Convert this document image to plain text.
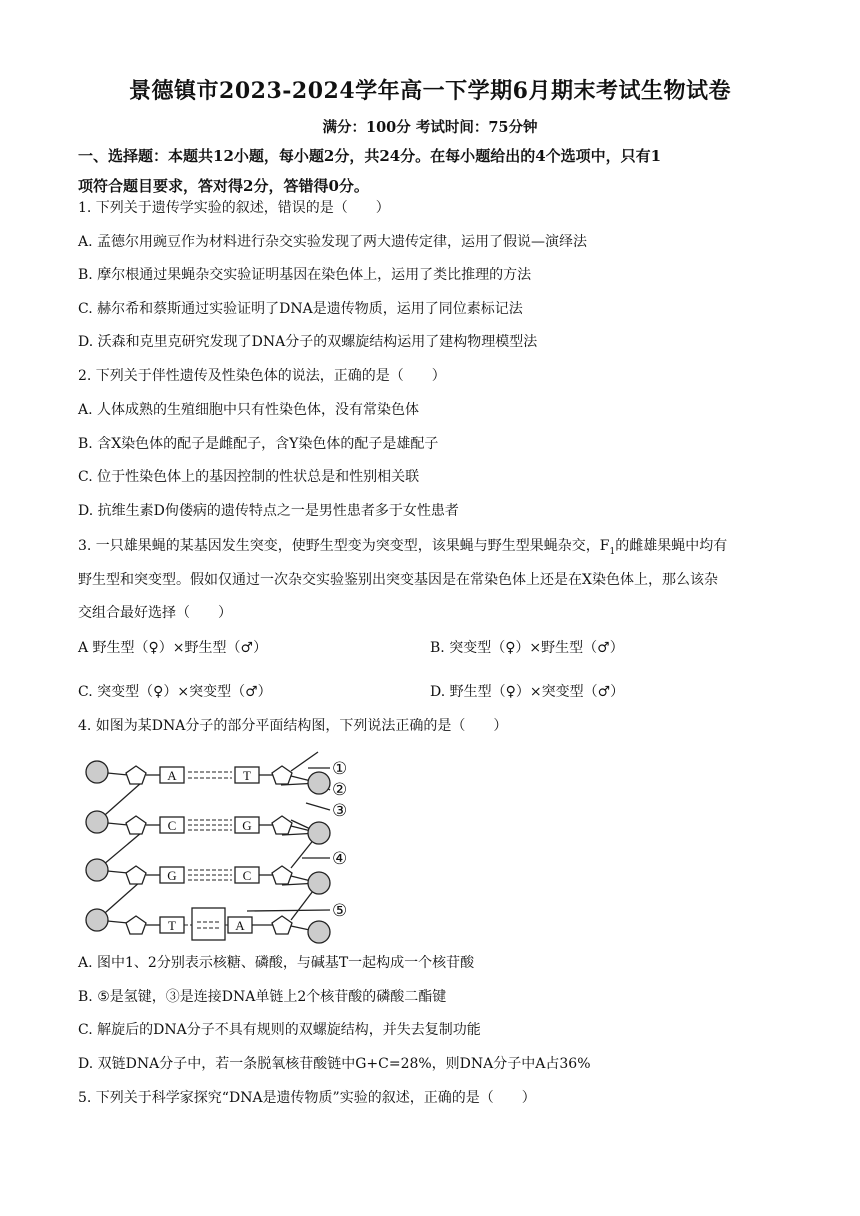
景德镇市2023-2024学年高一下学期6月期末考试生物试卷
满分：100分 考试时间：75分钟
一、选择题：本题共12小题，每小题2分，共24分。在每小题给出的4个选项中，只有1
项符合题目要求，答对得2分，答错得0分。
1. 下列关于遗传学实验的叙述，错误的是（　　）
A. 孟德尔用豌豆作为材料进行杂交实验发现了两大遗传定律，运用了假说—演绎法
B. 摩尔根通过果蝇杂交实验证明基因在染色体上，运用了类比推理的方法
C. 赫尔希和蔡斯通过实验证明了DNA是遗传物质，运用了同位素标记法
D. 沃森和克里克研究发现了DNA分子的双螺旋结构运用了建构物理模型法
2. 下列关于伴性遗传及性染色体的说法，正确的是（　　）
A. 人体成熟的生殖细胞中只有性染色体，没有常染色体
B. 含X染色体的配子是雌配子，含Y染色体的配子是雄配子
C. 位于性染色体上的基因控制的性状总是和性别相关联
D. 抗维生素D佝偻病的遗传特点之一是男性患者多于女性患者
3. 一只雄果蝇的某基因发生突变，使野生型变为突变型，该果蝇与野生型果蝇杂交，$F_1$的雌雄果蝇中均有
野生型和突变型。假如仅通过一次杂交实验鉴别出突变基因是在常染色体上还是在X染色体上，那么该杂
交组合最好选择（　　）
A 野生型（♀）×野生型（♂）	B. 突变型（♀）×野生型（♂）
C. 突变型（♀）×突变型（♂）	D. 野生型（♀）×突变型（♂）
4. 如图为某DNA分子的部分平面结构图，下列说法正确的是（　　）
A	T
C	G
G	C
T	A
①
②
③
④
⑤
A. 图中1、2分别表示核糖、磷酸，与碱基T一起构成一个核苷酸
B. ⑤是氢键，③是连接DNA单链上2个核苷酸的磷酸二酯键
C. 解旋后的DNA分子不具有规则的双螺旋结构，并失去复制功能
D. 双链DNA分子中，若一条脱氧核苷酸链中G+C=28%，则DNA分子中A占36%
5. 下列关于科学家探究“DNA是遗传物质”实验的叙述，正确的是（　　）
